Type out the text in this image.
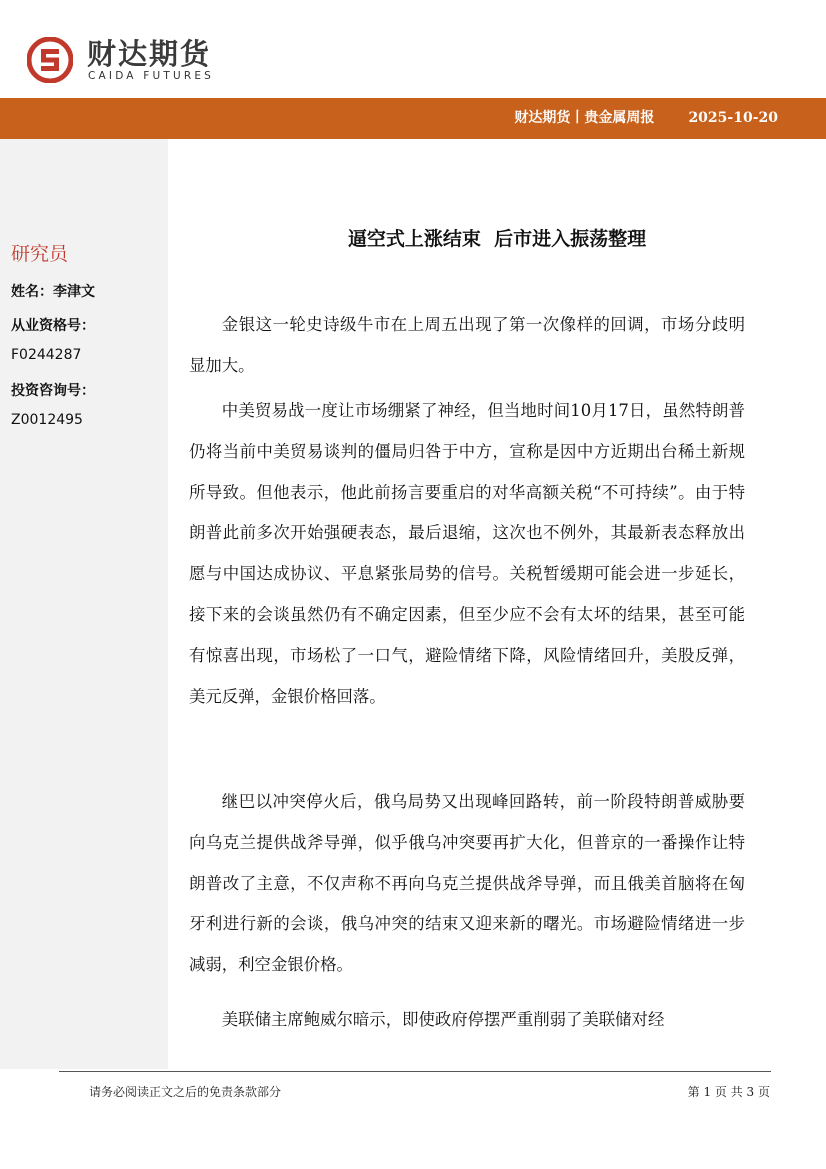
财达期货
CAIDA FUTURES
财达期货丨贵金属周报 2025-10-20
研究员
姓名：李津文
从业资格号：
F0244287
投资咨询号：
Z0012495
逼空式上涨结束  后市进入振荡整理

金银这一轮史诗级牛市在上周五出现了第一次像样的回调，市场分歧明显加大。

中美贸易战一度让市场绷紧了神经，但当地时间10月17日，虽然特朗普仍将当前中美贸易谈判的僵局归咎于中方，宣称是因中方近期出台稀土新规所导致。但他表示，他此前扬言要重启的对华高额关税“不可持续”。由于特朗普此前多次开始强硬表态，最后退缩，这次也不例外，其最新表态释放出愿与中国达成协议、平息紧张局势的信号。关税暂缓期可能会进一步延长，接下来的会谈虽然仍有不确定因素，但至少应不会有太坏的结果，甚至可能有惊喜出现，市场松了一口气，避险情绪下降，风险情绪回升，美股反弹，美元反弹，金银价格回落。

继巴以冲突停火后，俄乌局势又出现峰回路转，前一阶段特朗普威胁要向乌克兰提供战斧导弹，似乎俄乌冲突要再扩大化，但普京的一番操作让特朗普改了主意，不仅声称不再向乌克兰提供战斧导弹，而且俄美首脑将在匈牙利进行新的会谈，俄乌冲突的结束又迎来新的曙光。市场避险情绪进一步减弱，利空金银价格。

美联储主席鲍威尔暗示，即使政府停摆严重削弱了美联储对经

请务必阅读正文之后的免责条款部分	第 1 页 共 3 页
